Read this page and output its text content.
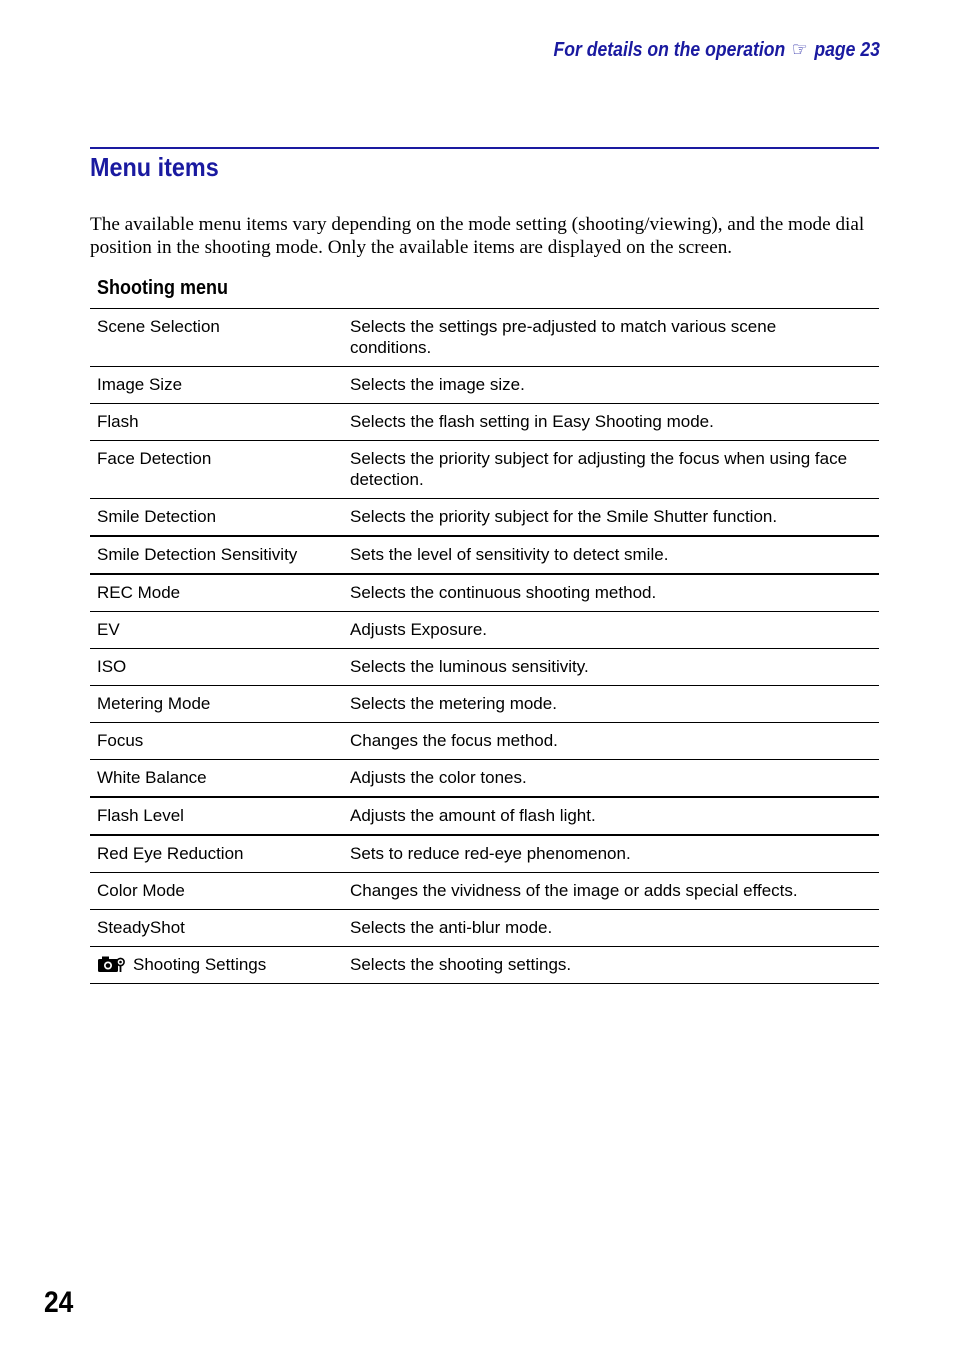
For details on the operation ☞ page 23
Menu items

The available menu items vary depending on the mode setting (shooting/viewing), and the mode dial position in the shooting mode. Only the available items are displayed on the screen.

Shooting menu
Scene Selection	Selects the settings pre-adjusted to match various scene conditions.
Image Size	Selects the image size.
Flash	Selects the flash setting in Easy Shooting mode.
Face Detection	Selects the priority subject for adjusting the focus when using face detection.
Smile Detection	Selects the priority subject for the Smile Shutter function.
Smile Detection Sensitivity	Sets the level of sensitivity to detect smile.
REC Mode	Selects the continuous shooting method.
EV	Adjusts Exposure.
ISO	Selects the luminous sensitivity.
Metering Mode	Selects the metering mode.
Focus	Changes the focus method.
White Balance	Adjusts the color tones.
Flash Level	Adjusts the amount of flash light.
Red Eye Reduction	Sets to reduce red-eye phenomenon.
Color Mode	Changes the vividness of the image or adds special effects.
SteadyShot	Selects the anti-blur mode.
Shooting Settings	Selects the shooting settings.
24
